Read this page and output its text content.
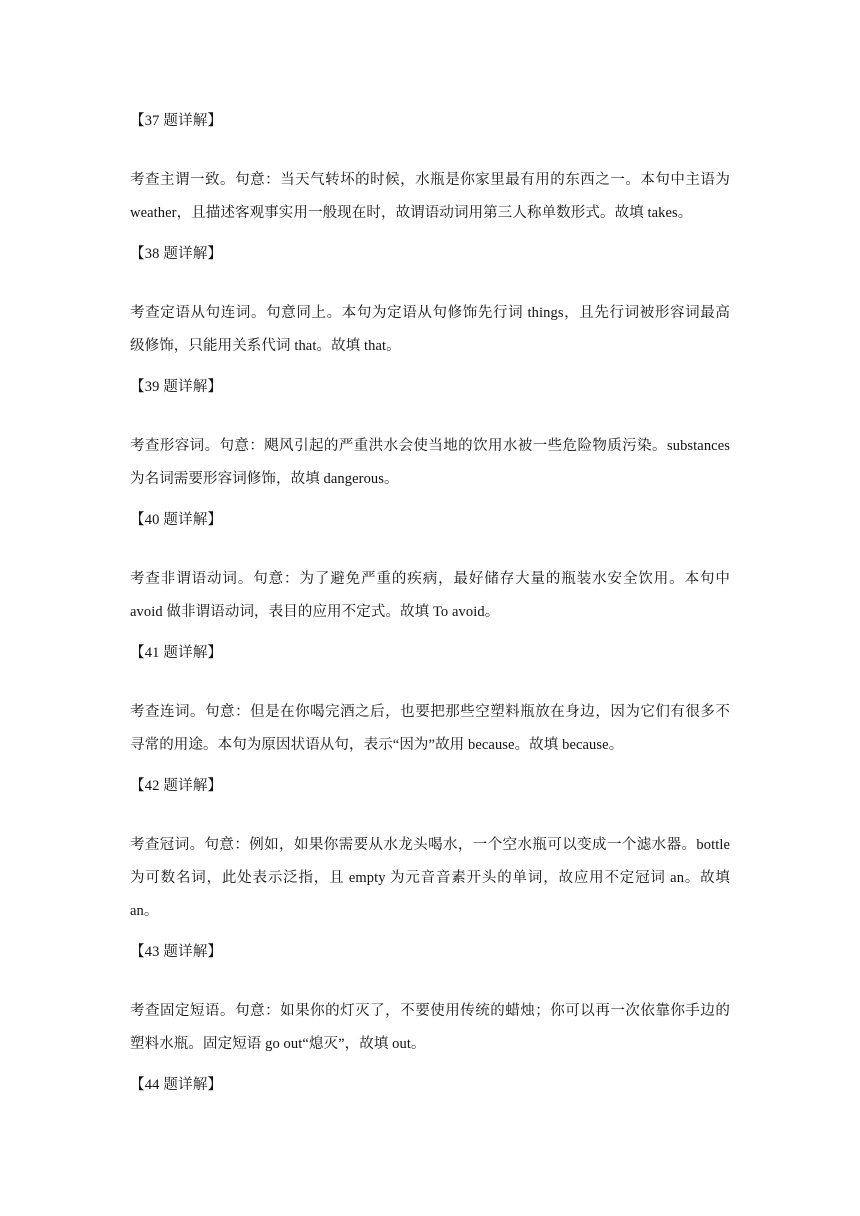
【37 题详解】
考查主谓一致。句意：当天气转坏的时候，水瓶是你家里最有用的东西之一。本句中主语为
weather，且描述客观事实用一般现在时，故谓语动词用第三人称单数形式。故填 takes。
【38 题详解】
考查定语从句连词。句意同上。本句为定语从句修饰先行词 things，且先行词被形容词最高
级修饰，只能用关系代词 that。故填 that。
【39 题详解】
考查形容词。句意：飓风引起的严重洪水会使当地的饮用水被一些危险物质污染。substances
为名词需要形容词修饰，故填 dangerous。
【40 题详解】
考查非谓语动词。句意：为了避免严重的疾病，最好储存大量的瓶装水安全饮用。本句中
avoid 做非谓语动词，表目的应用不定式。故填 To avoid。
【41 题详解】
考查连词。句意：但是在你喝完酒之后，也要把那些空塑料瓶放在身边，因为它们有很多不
寻常的用途。本句为原因状语从句，表示“因为”故用 because。故填 because。
【42 题详解】
考查冠词。句意：例如，如果你需要从水龙头喝水，一个空水瓶可以变成一个滤水器。bottle
为可数名词，此处表示泛指，且 empty 为元音音素开头的单词，故应用不定冠词 an。故填
an。
【43 题详解】
考查固定短语。句意：如果你的灯灭了，不要使用传统的蜡烛；你可以再一次依靠你手边的
塑料水瓶。固定短语 go out“熄灭”，故填 out。
【44 题详解】
